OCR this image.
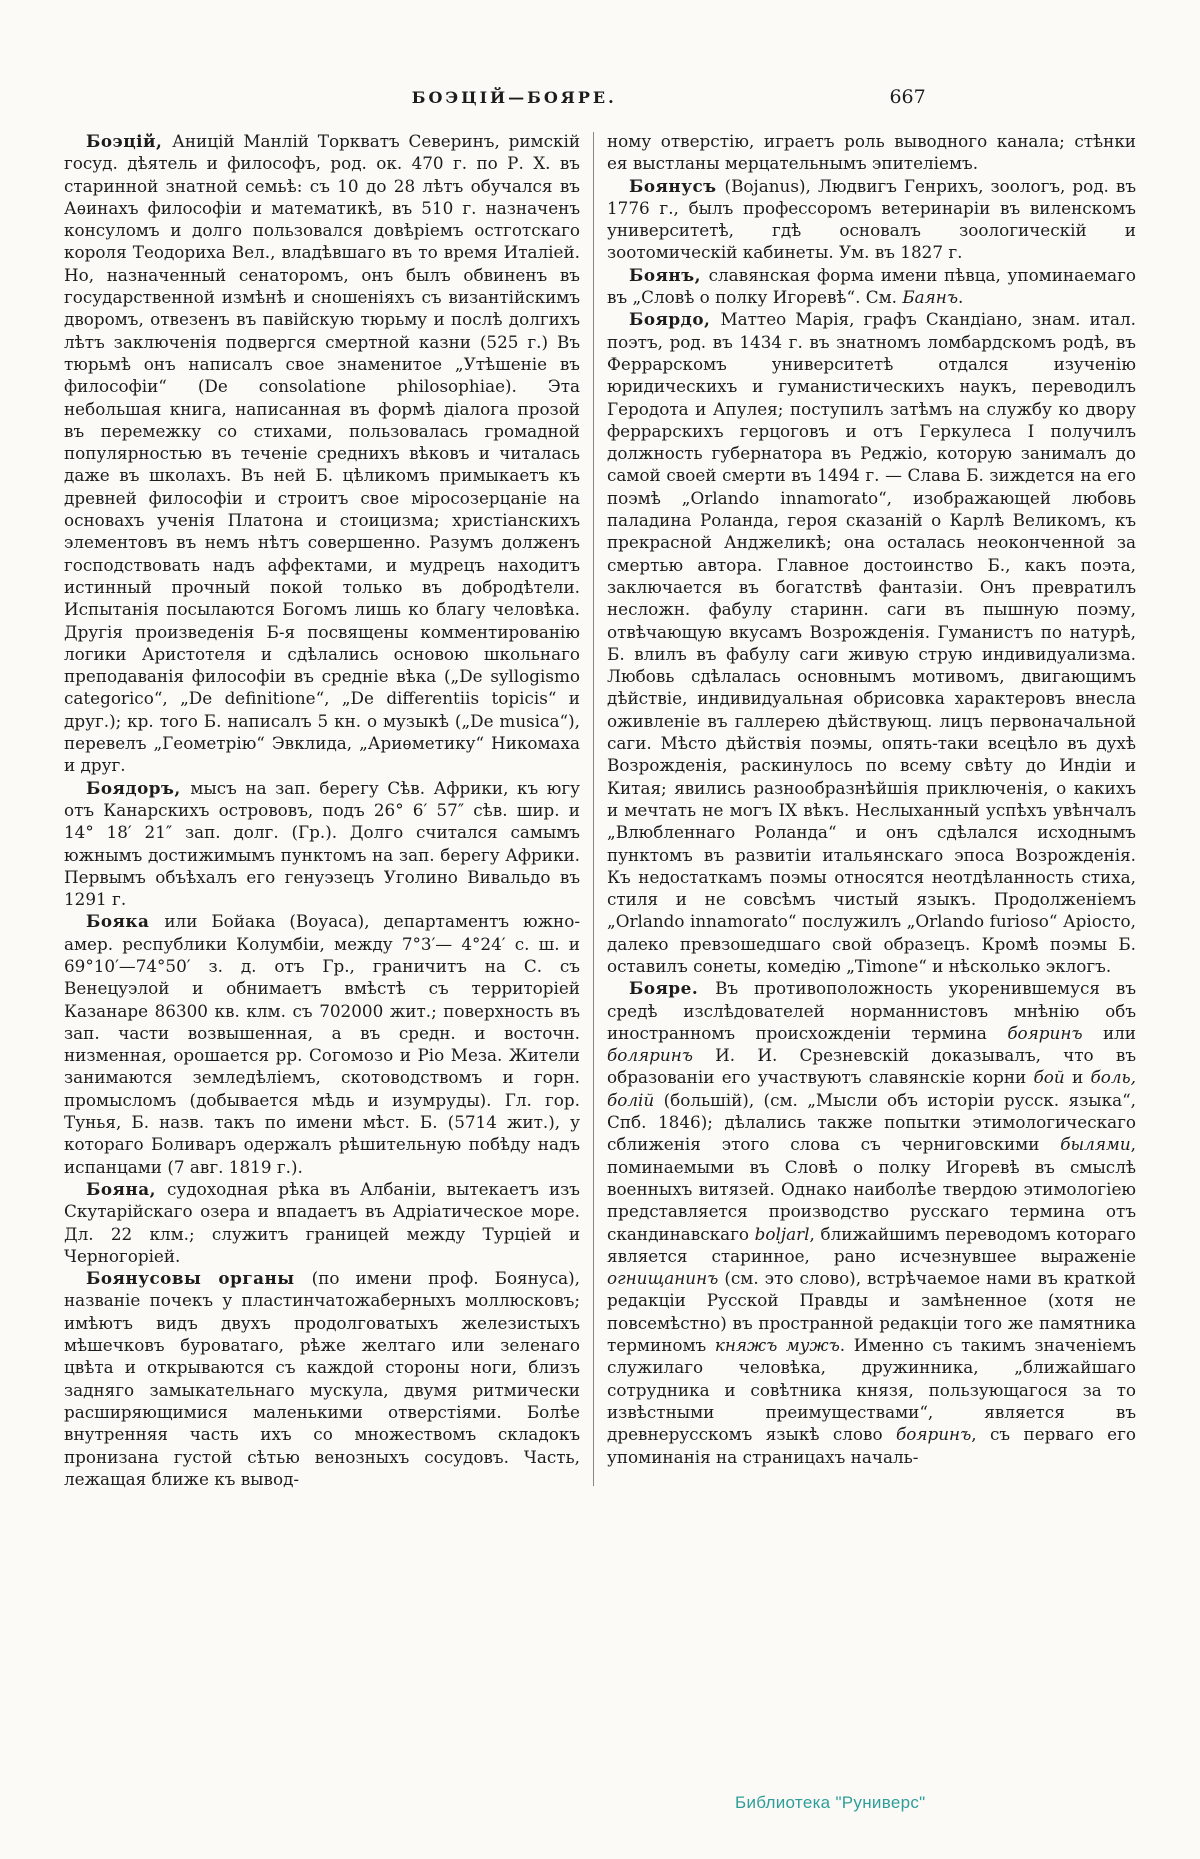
БОЭЦІЙ—БОЯРЕ.	667

Боэцій, Аницій Манлій Торкватъ Северинъ, римскій госуд. дѣятель и философъ, род. ок. 470 г. по Р. Х. въ старинной знатной семьѣ: съ 10 до 28 лѣтъ обучался въ Аѳинахъ философіи и математикѣ, въ 510 г. назначенъ консуломъ и долго пользовался довѣріемъ остготскаго короля Теодориха Вел., владѣвшаго въ то время Италіей. Но, назначенный сенаторомъ, онъ былъ обвиненъ въ государственной измѣнѣ и сношеніяхъ съ византійскимъ дворомъ, отвезенъ въ павійскую тюрьму и послѣ долгихъ лѣтъ заключенія подвергся смертной казни (525 г.) Въ тюрьмѣ онъ написалъ свое знаменитое „Утѣшеніе въ философіи“ (De consolatione philosophiae). Эта небольшая книга, написанная въ формѣ діалога прозой въ перемежку со стихами, пользовалась громадной популярностью въ теченіе среднихъ вѣковъ и читалась даже въ школахъ. Въ ней Б. цѣликомъ примыкаетъ къ древней философіи и строитъ свое міросозерцаніе на основахъ ученія Платона и стоицизма; христіанскихъ элементовъ въ немъ нѣтъ совершенно. Разумъ долженъ господствовать надъ аффектами, и мудрецъ находитъ истинный прочный покой только въ добродѣтели. Испытанія посылаются Богомъ лишь ко благу человѣка. Другія произведенія Б-я посвящены комментированію логики Аристотеля и сдѣлались основою школьнаго преподаванія философіи въ средніе вѣка („De syllogismo categorico“, „De definitione“, „De differentiis topicis“ и друг.); кр. того Б. написалъ 5 кн. о музыкѣ („De musica“), перевелъ „Геометрію“ Эвклида, „Ариѳметику“ Никомаха и друг.

Боядоръ, мысъ на зап. берегу Сѣв. Африки, къ югу отъ Канарскихъ острововъ, подъ 26° 6′ 57″ сѣв. шир. и 14° 18′ 21″ зап. долг. (Гр.). Долго считался самымъ южнымъ достижимымъ пунктомъ на зап. берегу Африки. Первымъ объѣхалъ его генуэзецъ Уголино Вивальдо въ 1291 г.

Бояка или Бойака (Воуаса), департаментъ южно-амер. республики Колумбіи, между 7°3′— 4°24′ с. ш. и 69°10′—74°50′ з. д. отъ Гр., граничитъ на С. съ Венецуэлой и обнимаетъ вмѣстѣ съ территоріей Казанаре 86300 кв. клм. съ 702000 жит.; поверхность въ зап. части возвышенная, а въ средн. и восточн. низменная, орошается рр. Согомозо и Ріо Меза. Жители занимаются земледѣліемъ, скотоводствомъ и горн. промысломъ (добывается мѣдь и изумруды). Гл. гор. Тунья, Б. назв. такъ по имени мѣст. Б. (5714 жит.), у котораго Боливаръ одержалъ рѣшительную побѣду надъ испанцами (7 авг. 1819 г.).

Бояна, судоходная рѣка въ Албаніи, вытекаетъ изъ Скутарійскаго озера и впадаетъ въ Адріатическое море. Дл. 22 клм.; служитъ границей между Турціей и Черногоріей.

Боянусовы органы (по имени проф. Боянуса), названіе почекъ у пластинчатожаберныхъ моллюсковъ; имѣютъ видъ двухъ продолговатыхъ железистыхъ мѣшечковъ буроватаго, рѣже желтаго или зеленаго цвѣта и открываются съ каждой стороны ноги, близъ задняго замыкательнаго мускула, двумя ритмически расширяющимися маленькими отверстіями. Болѣе внутренняя часть ихъ со множествомъ складокъ пронизана густой сѣтью венозныхъ сосудовъ. Часть, лежащая ближе къ вывод-

ному отверстію, играетъ роль выводного канала; стѣнки ея выстланы мерцательнымъ эпителіемъ.

Боянусъ (Bojanus), Людвигъ Генрихъ, зоологъ, род. въ 1776 г., былъ профессоромъ ветеринаріи въ виленскомъ университетѣ, гдѣ основалъ зоологическій и зоотомическій кабинеты. Ум. въ 1827 г.

Боянъ, славянская форма имени пѣвца, упоминаемаго въ „Словѣ о полку Игоревѣ“. См. Баянъ.

Боярдо, Маттео Марія, графъ Скандіано, знам. итал. поэтъ, род. въ 1434 г. въ знатномъ ломбардскомъ родѣ, въ Феррарскомъ университетѣ отдался изученію юридическихъ и гуманистическихъ наукъ, переводилъ Геродота и Апулея; поступилъ затѣмъ на службу ко двору феррарскихъ герцоговъ и отъ Геркулеса I получилъ должность губернатора въ Реджіо, которую занималъ до самой своей смерти въ 1494 г. — Слава Б. зиждется на его поэмѣ „Orlando innamorato“, изображающей любовь паладина Роланда, героя сказаній о Карлѣ Великомъ, къ прекрасной Анджеликѣ; она осталась неоконченной за смертью автора. Главное достоинство Б., какъ поэта, заключается въ богатствѣ фантазіи. Онъ превратилъ несложн. фабулу старинн. саги въ пышную поэму, отвѣчающую вкусамъ Возрожденія. Гуманистъ по натурѣ, Б. влилъ въ фабулу саги живую струю индивидуализма. Любовь сдѣлалась основнымъ мотивомъ, двигающимъ дѣйствіе, индивидуальная обрисовка характеровъ внесла оживленіе въ галлерею дѣйствующ. лицъ первоначальной саги. Мѣсто дѣйствія поэмы, опять-таки всецѣло въ духѣ Возрожденія, раскинулось по всему свѣту до Индіи и Китая; явились разнообразнѣйшія приключенія, о какихъ и мечтать не могъ IX вѣкъ. Неслыханный успѣхъ увѣнчалъ „Влюбленнаго Роланда“ и онъ сдѣлался исходнымъ пунктомъ въ развитіи итальянскаго эпоса Возрожденія. Къ недостаткамъ поэмы относятся неотдѣланность стиха, стиля и не совсѣмъ чистый языкъ. Продолженіемъ „Orlando innamorato“ послужилъ „Orlando furioso“ Аріосто, далеко превзошедшаго свой образецъ. Кромѣ поэмы Б. оставилъ сонеты, комедію „Timone“ и нѣсколько эклогъ.

Бояре. Въ противоположность укоренившемуся въ средѣ изслѣдователей норманнистовъ мнѣнію объ иностранномъ происхожденіи термина бояринъ или боляринъ И. И. Срезневскій доказывалъ, что въ образованіи его участвуютъ славянскіе корни бой и боль, болій (большій), (см. „Мысли объ исторіи русск. языка“, Спб. 1846); дѣлались также попытки этимологическаго сближенія этого слова съ черниговскими былями, поминаемыми въ Словѣ о полку Игоревѣ въ смыслѣ военныхъ витязей. Однако наиболѣе твердою этимологіею представляется производство русскаго термина отъ скандинавскаго boljarl, ближайшимъ переводомъ котораго является старинное, рано исчезнувшее выраженіе огнищанинъ (см. это слово), встрѣчаемое нами въ краткой редакціи Русской Правды и замѣненное (хотя не повсемѣстно) въ пространной редакціи того же памятника терминомъ княжъ мужъ. Именно съ такимъ значеніемъ служилаго человѣка, дружинника, „ближайшаго сотрудника и совѣтника князя, пользующагося за то извѣстными преимуществами“, является въ древнерусскомъ языкѣ слово бояринъ, съ перваго его упоминанія на страницахъ началь-

Библиотека "Руниверс"
